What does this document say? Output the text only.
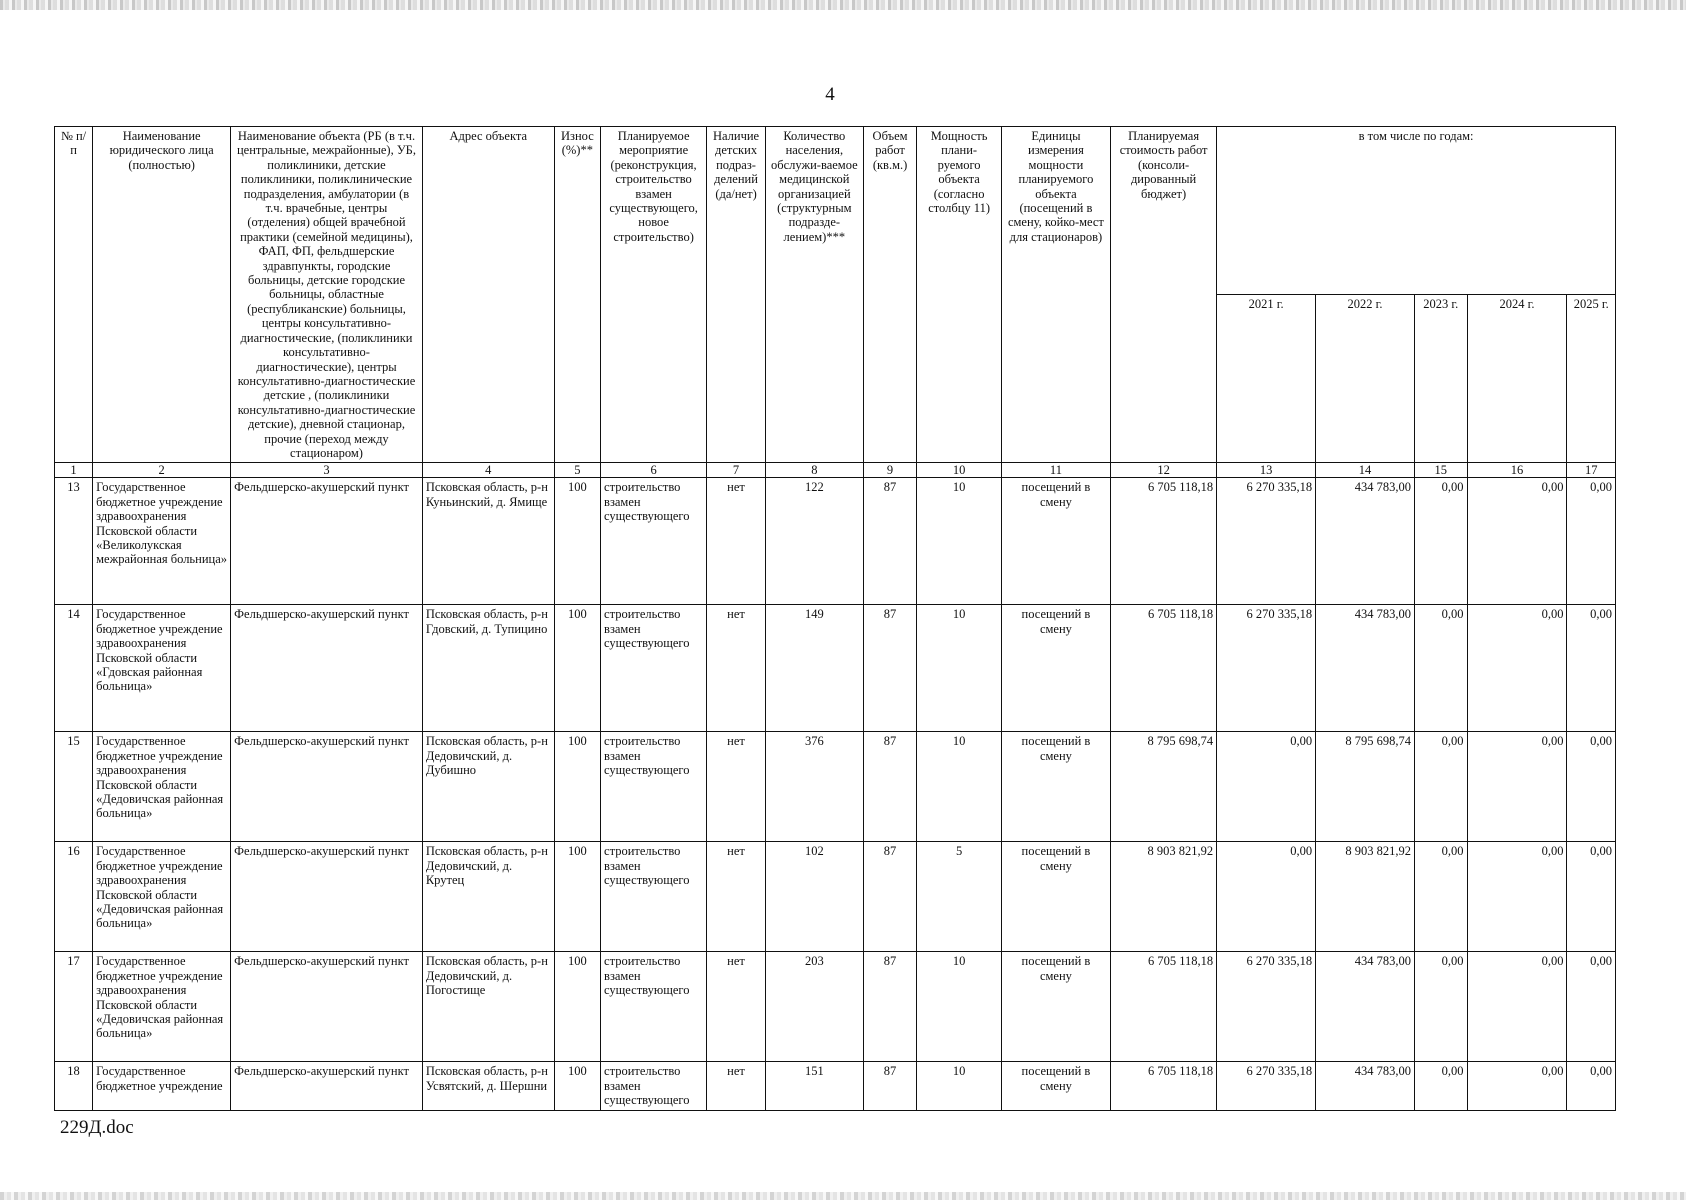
4
№ п/п	Наименование юридического лица (полностью)	Наименование объекта (РБ (в т.ч. центральные, межрайонные), УБ, поликлиники, детские поликлиники, поликлинические подразделения, амбулатории (в т.ч. врачебные, центры (отделения) общей врачебной практики (семейной медицины), ФАП, ФП, фельдшерские здравпункты, городские больницы, детские городские больницы, областные (республиканские) больницы, центры консультативно-диагностические, (поликлиники консультативно-диагностические), центры консультативно-диагностические детские , (поликлиники консультативно-диагностические детские), дневной стационар, прочие (переход между стационаром)	Адрес объекта	Износ (%)**	Планируемое мероприятие (реконструкция, строительство взамен существующего, новое строительство)	Наличие детских подраз-делений (да/нет)	Количество населения, обслужи-ваемое медицинской организацией (структурным подразде-лением)***	Объем работ (кв.м.)	Мощность плани-руемого объекта (согласно столбцу 11)	Единицы измерения мощности планируемого объекта (посещений в смену, койко-мест для стационаров)	Планируемая стоимость работ (консоли-дированный бюджет)	в том числе по годам:				
												2021 г.	2022 г.	2023 г.	2024 г.	2025 г.
1	2	3	4	5	6	7	8	9	10	11	12	13	14	15	16	17
13	Государственное бюджетное учреждение здравоохранения Псковской области «Великолукская межрайонная больница»	Фельдшерско-акушерский пункт	Псковская область, р-н Куньинский, д. Ямище	100	строительство взамен существующего	нет	122	87	10	посещений в смену	6 705 118,18	6 270 335,18	434 783,00	0,00	0,00	0,00
14	Государственное бюджетное учреждение здравоохранения Псковской области «Гдовская районная больница»	Фельдшерско-акушерский пункт	Псковская область, р-н Гдовский, д. Тупицино	100	строительство взамен существующего	нет	149	87	10	посещений в смену	6 705 118,18	6 270 335,18	434 783,00	0,00	0,00	0,00
15	Государственное бюджетное учреждение здравоохранения Псковской области «Дедовичская районная больница»	Фельдшерско-акушерский пункт	Псковская область, р-н Дедовичский, д. Дубишно	100	строительство взамен существующего	нет	376	87	10	посещений в смену	8 795 698,74	0,00	8 795 698,74	0,00	0,00	0,00
16	Государственное бюджетное учреждение здравоохранения Псковской области «Дедовичская районная больница»	Фельдшерско-акушерский пункт	Псковская область, р-н Дедовичский, д. Крутец	100	строительство взамен существующего	нет	102	87	5	посещений в смену	8 903 821,92	0,00	8 903 821,92	0,00	0,00	0,00
17	Государственное бюджетное учреждение здравоохранения Псковской области «Дедовичская районная больница»	Фельдшерско-акушерский пункт	Псковская область, р-н Дедовичский, д. Погостище	100	строительство взамен существующего	нет	203	87	10	посещений в смену	6 705 118,18	6 270 335,18	434 783,00	0,00	0,00	0,00
18	Государственное бюджетное учреждение	Фельдшерско-акушерский пункт	Псковская область, р-н Усвятский, д. Шершни	100	строительство взамен существующего	нет	151	87	10	посещений в смену	6 705 118,18	6 270 335,18	434 783,00	0,00	0,00	0,00
229Д.doc
